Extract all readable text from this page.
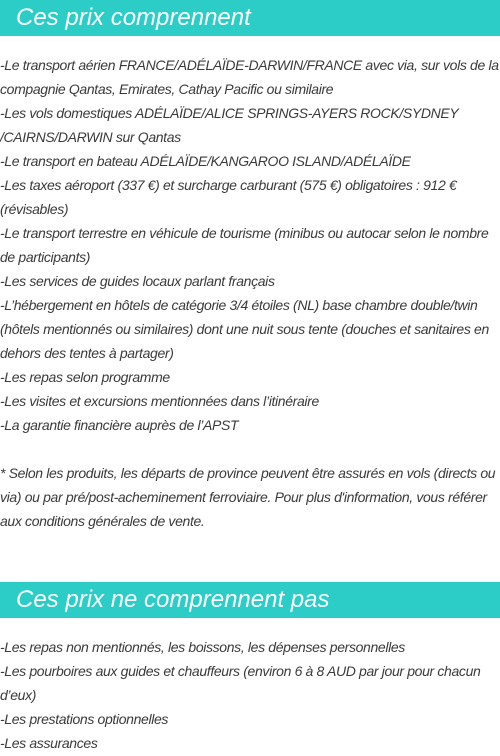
Ces prix comprennent
-Le transport aérien FRANCE/ADÉLAÏDE-DARWIN/FRANCE avec via, sur vols de la compagnie Qantas, Emirates, Cathay Pacific ou similaire
-Les vols domestiques ADÉLAÏDE/ALICE SPRINGS-AYERS ROCK/SYDNEY /CAIRNS/DARWIN sur Qantas
-Le transport en bateau ADÉLAÏDE/KANGAROO ISLAND/ADÉLAÏDE
-Les taxes aéroport (337 €) et surcharge carburant (575 €) obligatoires : 912 € (révisables)
-Le transport terrestre en véhicule de tourisme (minibus ou autocar selon le nombre de participants)
-Les services de guides locaux parlant français
-L’hébergement en hôtels de catégorie 3/4 étoiles (NL) base chambre double/twin (hôtels mentionnés ou similaires) dont une nuit sous tente (douches et sanitaires en dehors des tentes à partager)
-Les repas selon programme
-Les visites et excursions mentionnées dans l’itinéraire
-La garantie financière auprès de l’APST
* Selon les produits, les départs de province peuvent être assurés en vols (directs ou via) ou par pré/post-acheminement ferroviaire. Pour plus d'information, vous référer aux conditions générales de vente.
Ces prix ne comprennent pas
-Les repas non mentionnés, les boissons, les dépenses personnelles
-Les pourboires aux guides et chauffeurs (environ 6 à 8 AUD par jour pour chacun d’eux)
-Les prestations optionnelles
-Les assurances
